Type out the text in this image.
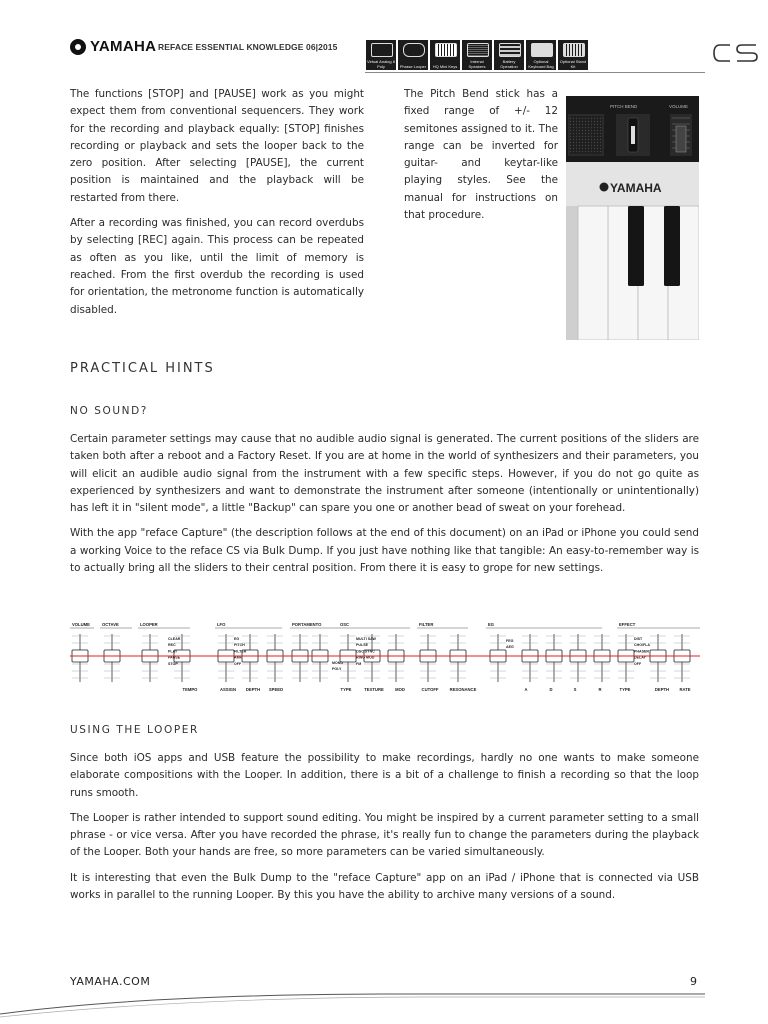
YAMAHA REFACE ESSENTIAL KNOWLEDGE 06|2015
Virtual Analog 8 Poly	Phrase Looper	HQ Mini Keys
Internal Speakers
Battery Operation
Optional Keyboard Bag
Optional Stand Kit

The functions [STOP] and [PAUSE] work as you might expect them from conventional sequencers. They work for the recording and playback equally: [STOP] finishes recording or playback and sets the looper back to the zero position. After selecting [PAUSE], the current position is maintained and the playback will be restarted from there.

After a recording was finished, you can record overdubs by selecting [REC] again. This process can be repeated as often as you like, until the limit of memory is reached. From the first overdub the recording is used for orientation, the metronome function is automatically disabled.

The Pitch Bend stick has a fixed range of +/- 12 semitones assigned to it. The range can be inverted for guitar- and keytar-like playing styles. See the manual for instructions on that procedure.

PITCH BEND	VOLUME
YAMAHA
PRACTICAL HINTS
NO SOUND?

Certain parameter settings may cause that no audible audio signal is generated. The current positions of the sliders are taken both after a reboot and a Factory Reset. If you are at home in the world of synthesizers and their parameters, you will elicit an audible audio signal from the instrument with a few specific steps. However, if you do not go quite as experienced by synthesizers and want to demonstrate the instrument after someone (intentionally or unintentionally) has left it in "silent mode", a little "Backup" can spare you one or another bead of sweat on your forehead.

With the app "reface Capture" (the description follows at the end of this document) on an iPad or iPhone you could send a working Voice to the reface CS via Bulk Dump. If you just have nothing like that tangible: An easy-to-remember way is to actually bring all the sliders to their central position. From there it is easy to grope for new settings.

VOLUME	OCTAVE	LOOPER	LFO	PORTAMENTO	OSC	FILTER	EG	EFFECT
CLEAR
REC
PLAY
PAUSE
STOP
EG
PITCH
FILTER
AMP
OFF	MONO
POLY
MULTI SAW
PULSE
OSC SYNC
RING MOD
FM
FEG
AEG
DIST
CHO/FLA
PHASER
DELAY
OFF
TEMPO	ASSIGN DEPTH SPEED	TYPE	TEXTURE	MOD	CUTOFF	RESONANCE	A	D	S	R	TYPE	DEPTH RATE
USING THE LOOPER

Since both iOS apps and USB feature the possibility to make recordings, hardly no one wants to make someone elaborate compositions with the Looper. In addition, there is a bit of a challenge to finish a recording so that the loop runs smooth.

The Looper is rather intended to support sound editing. You might be inspired by a current parameter setting to a small phrase - or vice versa. After you have recorded the phrase, it's really fun to change the parameters during the playback of the Looper. Both your hands are free, so more parameters can be varied simultaneously.

It is interesting that even the Bulk Dump to the "reface Capture" app on an iPad / iPhone that is connected via USB works in parallel to the running Looper. By this you have the ability to archive many versions of a sound.

YAMAHA.COM	9
